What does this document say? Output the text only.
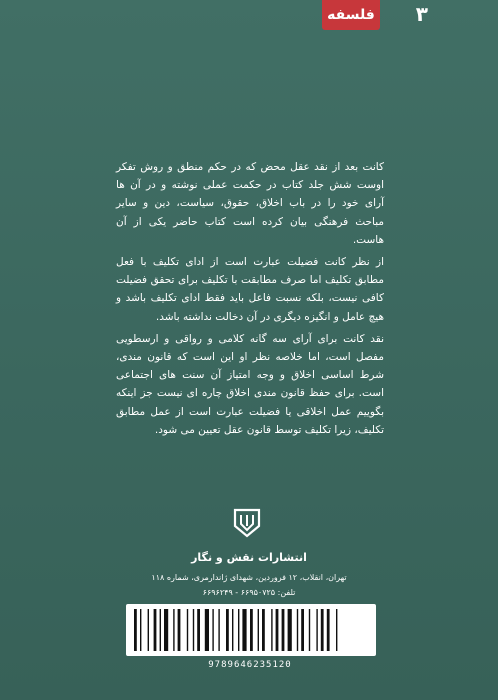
فلسفه ۳

کانت بعد از نقد عقل محض که در حکم منطق و روش تفکر اوست شش جلد کتاب در حکمت عملی نوشته و در آن ها آرای خود را در باب اخلاق، حقوق، سیاست، دین و سایر مباحث فرهنگی بیان کرده است کتاب حاضر یکی از آن هاست.

از نظر کانت فضیلت عبارت است از ادای تکلیف با فعل مطابق تکلیف اما صرف مطابقت با تکلیف برای تحقق فضیلت کافی نیست، بلکه نسبت فاعل باید فقط ادای تکلیف باشد و هیچ عامل و انگیزه دیگری در آن دخالت نداشته باشد.

نقد کانت برای آرای سه گانه کلامی و رواقی و ارسطویی مفصل است، اما خلاصه نظر او این است که قانون مندی، شرط اساسی اخلاق و وجه امتیاز آن سنت های اجتماعی است. برای حفظ قانون مندی اخلاق چاره ای نیست جز اینکه بگوییم عمل اخلاقی یا فضیلت عبارت است از عمل مطابق تکلیف، زیرا تکلیف توسط قانون عقل تعیین می شود.

انتشارات نقش و نگار
تهران، انقلاب، ۱۲ فروردین، شهدای ژاندارمری، شماره ۱۱۸
تلفن: ۶۶۹۵۰۷۲۵ - ۶۶۹۶۲۴۹
9789646235120
